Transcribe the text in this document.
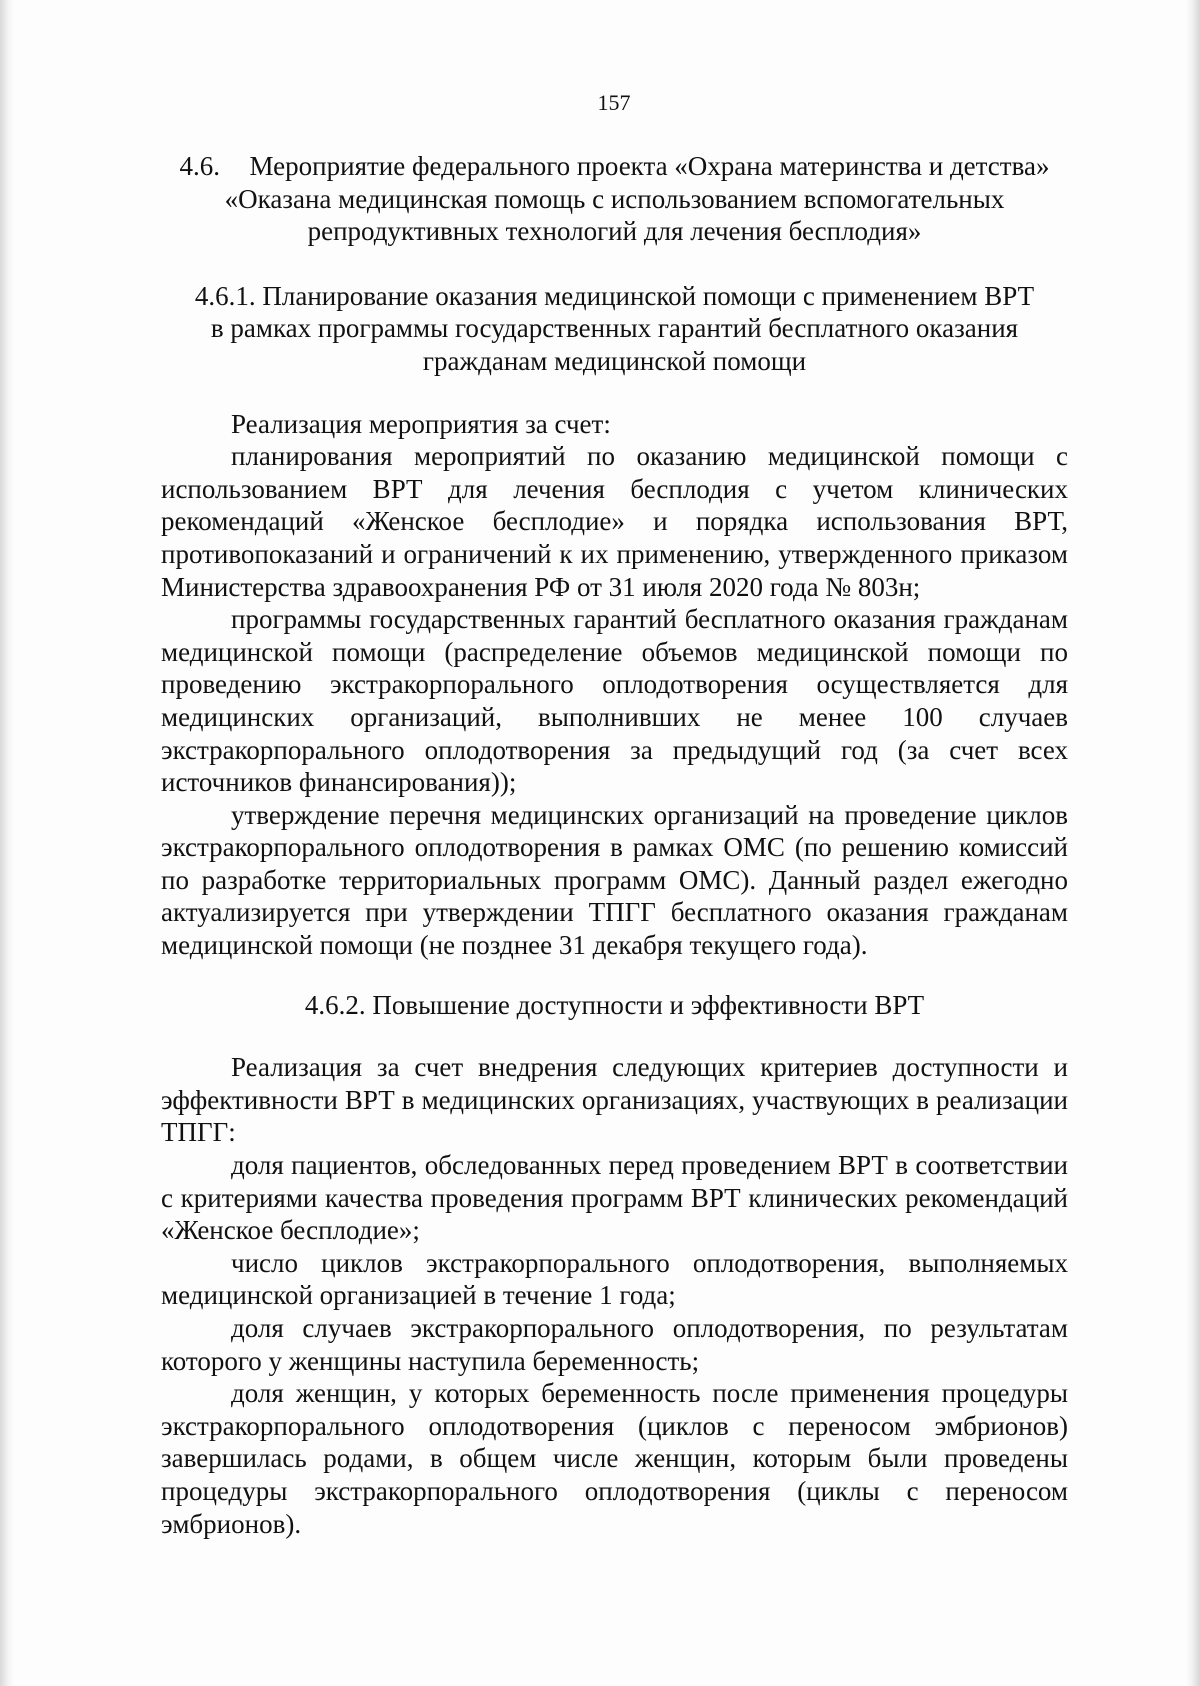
157
4.6. Мероприятие федерального проекта «Охрана материнства и детства»
«Оказана медицинская помощь с использованием вспомогательных
репродуктивных технологий для лечения бесплодия»
4.6.1. Планирование оказания медицинской помощи с применением ВРТ
в рамках программы государственных гарантий бесплатного оказания
гражданам медицинской помощи

Реализация мероприятия за счет:

планирования мероприятий по оказанию медицинской помощи с использованием ВРТ для лечения бесплодия с учетом клинических рекомендаций «Женское бесплодие» и порядка использования ВРТ, противопоказаний и ограничений к их применению, утвержденного приказом Министерства здравоохранения РФ от 31 июля 2020 года № 803н;

программы государственных гарантий бесплатного оказания гражданам медицинской помощи (распределение объемов медицинской помощи по проведению экстракорпорального оплодотворения осуществляется для медицинских организаций, выполнивших не менее 100 случаев экстракорпорального оплодотворения за предыдущий год (за счет всех источников финансирования));

утверждение перечня медицинских организаций на проведение циклов экстракорпорального оплодотворения в рамках ОМС (по решению комиссий по разработке территориальных программ ОМС). Данный раздел ежегодно актуализируется при утверждении ТПГГ бесплатного оказания гражданам медицинской помощи (не позднее 31 декабря текущего года).

4.6.2. Повышение доступности и эффективности ВРТ

Реализация за счет внедрения следующих критериев доступности и эффективности ВРТ в медицинских организациях, участвующих в реализации ТПГГ:

доля пациентов, обследованных перед проведением ВРТ в соответствии с критериями качества проведения программ ВРТ клинических рекомендаций «Женское бесплодие»;

число циклов экстракорпорального оплодотворения, выполняемых медицинской организацией в течение 1 года;

доля случаев экстракорпорального оплодотворения, по результатам которого у женщины наступила беременность;

доля женщин, у которых беременность после применения процедуры экстракорпорального оплодотворения (циклов с переносом эмбрионов) завершилась родами, в общем числе женщин, которым были проведены процедуры экстракорпорального оплодотворения (циклы с переносом эмбрионов).
